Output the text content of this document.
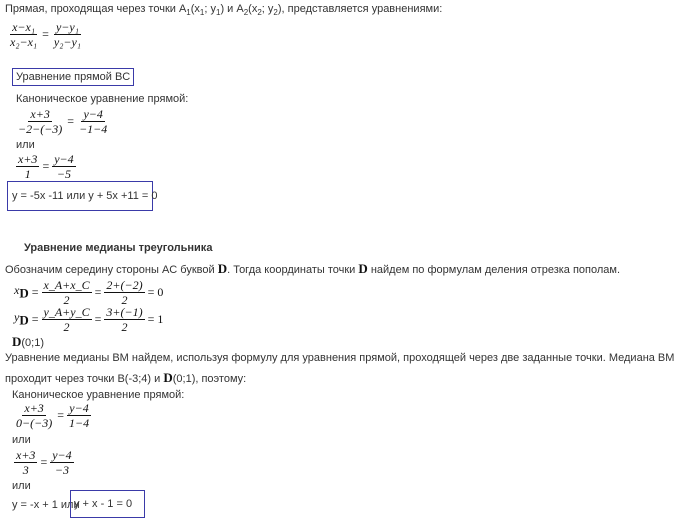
Прямая, проходящая через точки $A_1(x_1$; $y_1$) и $A_2(x_2$; $y_2$), представляется уравнениями:
$\frac{\text{x−x₁}}{\text{x₂−x₁}} = \frac{\text{y−y₁}}{\text{y₂−y₁}}$
Уравнение прямой BC
Каноническое уравнение прямой:
$\frac{x+3}{-2-(-3)} = \frac{y-4}{-1-4}$
или
$\frac{x+3}{1} = \frac{y-4}{-5}$
y = -5x -11 или y + 5x +11 = 0
Уравнение медианы треугольника
Обозначим середину стороны AC буквой D. Тогда координаты точки D найдем по формулам деления отрезка пополам.
$x_D = \frac{x\_A+x\_C}{2} = \frac{2+(-2)}{2} = 0$
$y_D = \frac{y\_A+y\_C}{2} = \frac{3+(-1)}{2} = 1$
D(0;1)
Уравнение медианы BM найдем, используя формулу для уравнения прямой, проходящей через две заданные точки. Медиана BM
проходит через точки B(-3;4) и D(0;1), поэтому:
Каноническое уравнение прямой:
$\frac{x+3}{0-(-3)} = \frac{y-4}{1-4}$
или
$\frac{x+3}{3} = \frac{y-4}{-3}$
или
y = -x + 1 или
y + x - 1 = 0
